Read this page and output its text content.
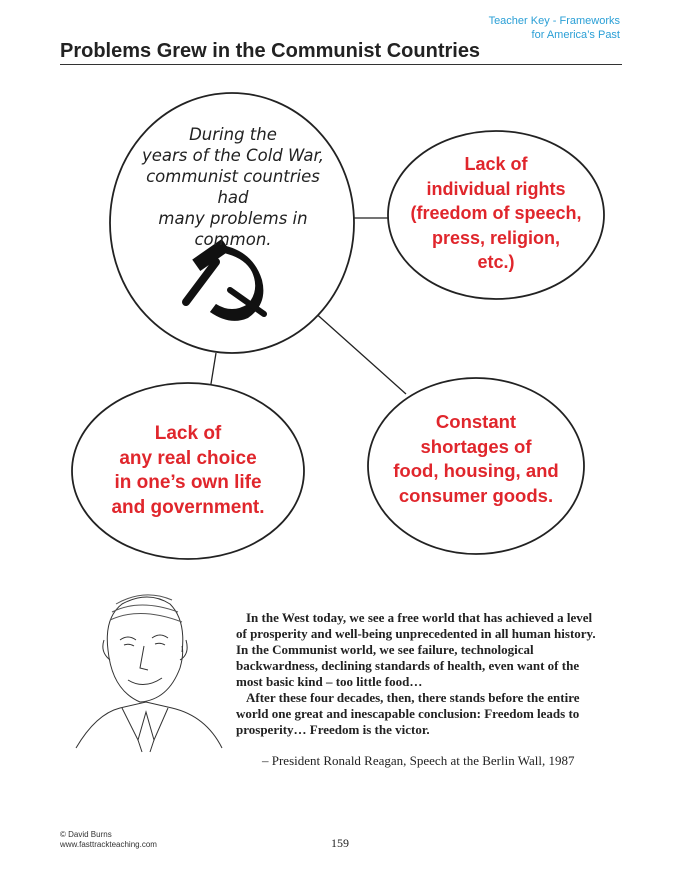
Teacher Key - Frameworks
for America’s Past
Problems Grew in the Communist Countries
During the
years of the Cold War,
communist countries had
many problems in common.
Lack of
individual rights
(freedom of speech,
press, religion,
etc.)
Lack of
any real choice
in one’s own life
and government.
Constant
shortages of
food, housing, and
consumer goods.

In the West today, we see a free world that has achieved a level of prosperity and well-being unprecedented in all human history. In the Communist world, we see failure, technological backwardness, declining standards of health, even want of the most basic kind – too little food…

After these four decades, then, there stands before the entire world one great and inescapable conclusion: Freedom leads to prosperity… Freedom is the victor.

– President Ronald Reagan, Speech at the Berlin Wall, 1987
© David Burns
www.fasttrackteaching.com	159
